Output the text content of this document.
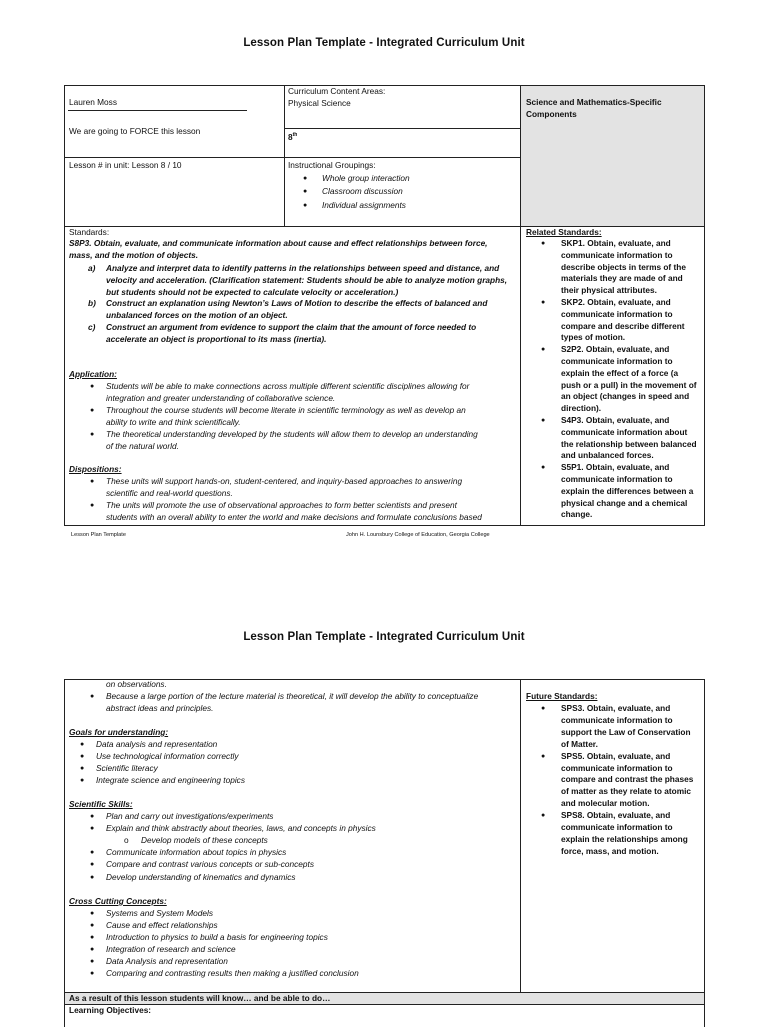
Lesson Plan Template - Integrated Curriculum Unit
Lauren Moss
We are going to FORCE this lesson
Curriculum Content Areas:
Physical Science
8th
Lesson # in unit: Lesson 8 / 10	Instructional Groupings:
● Whole group interaction
● Classroom discussion
● Individual assignments
Science and Mathematics-Specific
Components
Standards:
S8P3. Obtain, evaluate, and communicate information about cause and effect relationships between force,
mass, and the motion of objects.
a) Analyze and interpret data to identify patterns in the relationships between speed and distance, and
velocity and acceleration. (Clarification statement: Students should be able to analyze motion graphs,
but students should not be expected to calculate velocity or acceleration.)
b) Construct an explanation using Newton’s Laws of Motion to describe the effects of balanced and
unbalanced forces on the motion of an object.
c) Construct an argument from evidence to support the claim that the amount of force needed to
accelerate an object is proportional to its mass (inertia).
Application:
● Students will be able to make connections across multiple different scientific disciplines allowing for
integration and greater understanding of collaborative science.
● Throughout the course students will become literate in scientific terminology as well as develop an
ability to write and think scientifically.
● The theoretical understanding developed by the students will allow them to develop an understanding
of the natural world.
Dispositions:
● These units will support hands-on, student-centered, and inquiry-based approaches to answering
scientific and real-world questions.
● The units will promote the use of observational approaches to form better scientists and present
students with an overall ability to enter the world and make decisions and formulate conclusions based
Related Standards:
● SKP1. Obtain, evaluate, and
communicate information to
describe objects in terms of the
materials they are made of and
their physical attributes.
● SKP2. Obtain, evaluate, and
communicate information to
compare and describe different
types of motion.
● S2P2. Obtain, evaluate, and
communicate information to
explain the effect of a force (a
push or a pull) in the movement of
an object (changes in speed and
direction).
● S4P3. Obtain, evaluate, and
communicate information about
the relationship between balanced
and unbalanced forces.
● S5P1. Obtain, evaluate, and
communicate information to
explain the differences between a
physical change and a chemical
change.
Lesson Plan Template	John H. Lounsbury College of Education, Georgia College
Lesson Plan Template - Integrated Curriculum Unit
on observations.
● Because a large portion of the lecture material is theoretical, it will develop the ability to conceptualize
abstract ideas and principles.
Goals for understanding:
● Data analysis and representation
● Use technological information correctly
● Scientific literacy
● Integrate science and engineering topics
Scientific Skills:
● Plan and carry out investigations/experiments
● Explain and think abstractly about theories, laws, and concepts in physics
o Develop models of these concepts
● Communicate information about topics in physics
● Compare and contrast various concepts or sub-concepts
● Develop understanding of kinematics and dynamics
Cross Cutting Concepts:
● Systems and System Models
● Cause and effect relationships
● Introduction to physics to build a basis for engineering topics
● Integration of research and science
● Data Analysis and representation
● Comparing and contrasting results then making a justified conclusion
Future Standards:
● SPS3. Obtain, evaluate, and
communicate information to
support the Law of Conservation
of Matter.
● SPS5. Obtain, evaluate, and
communicate information to
compare and contrast the phases
of matter as they relate to atomic
and molecular motion.
● SPS8. Obtain, evaluate, and
communicate information to
explain the relationships among
force, mass, and motion.
As a result of this lesson students will know… and be able to do…
Learning Objectives:
